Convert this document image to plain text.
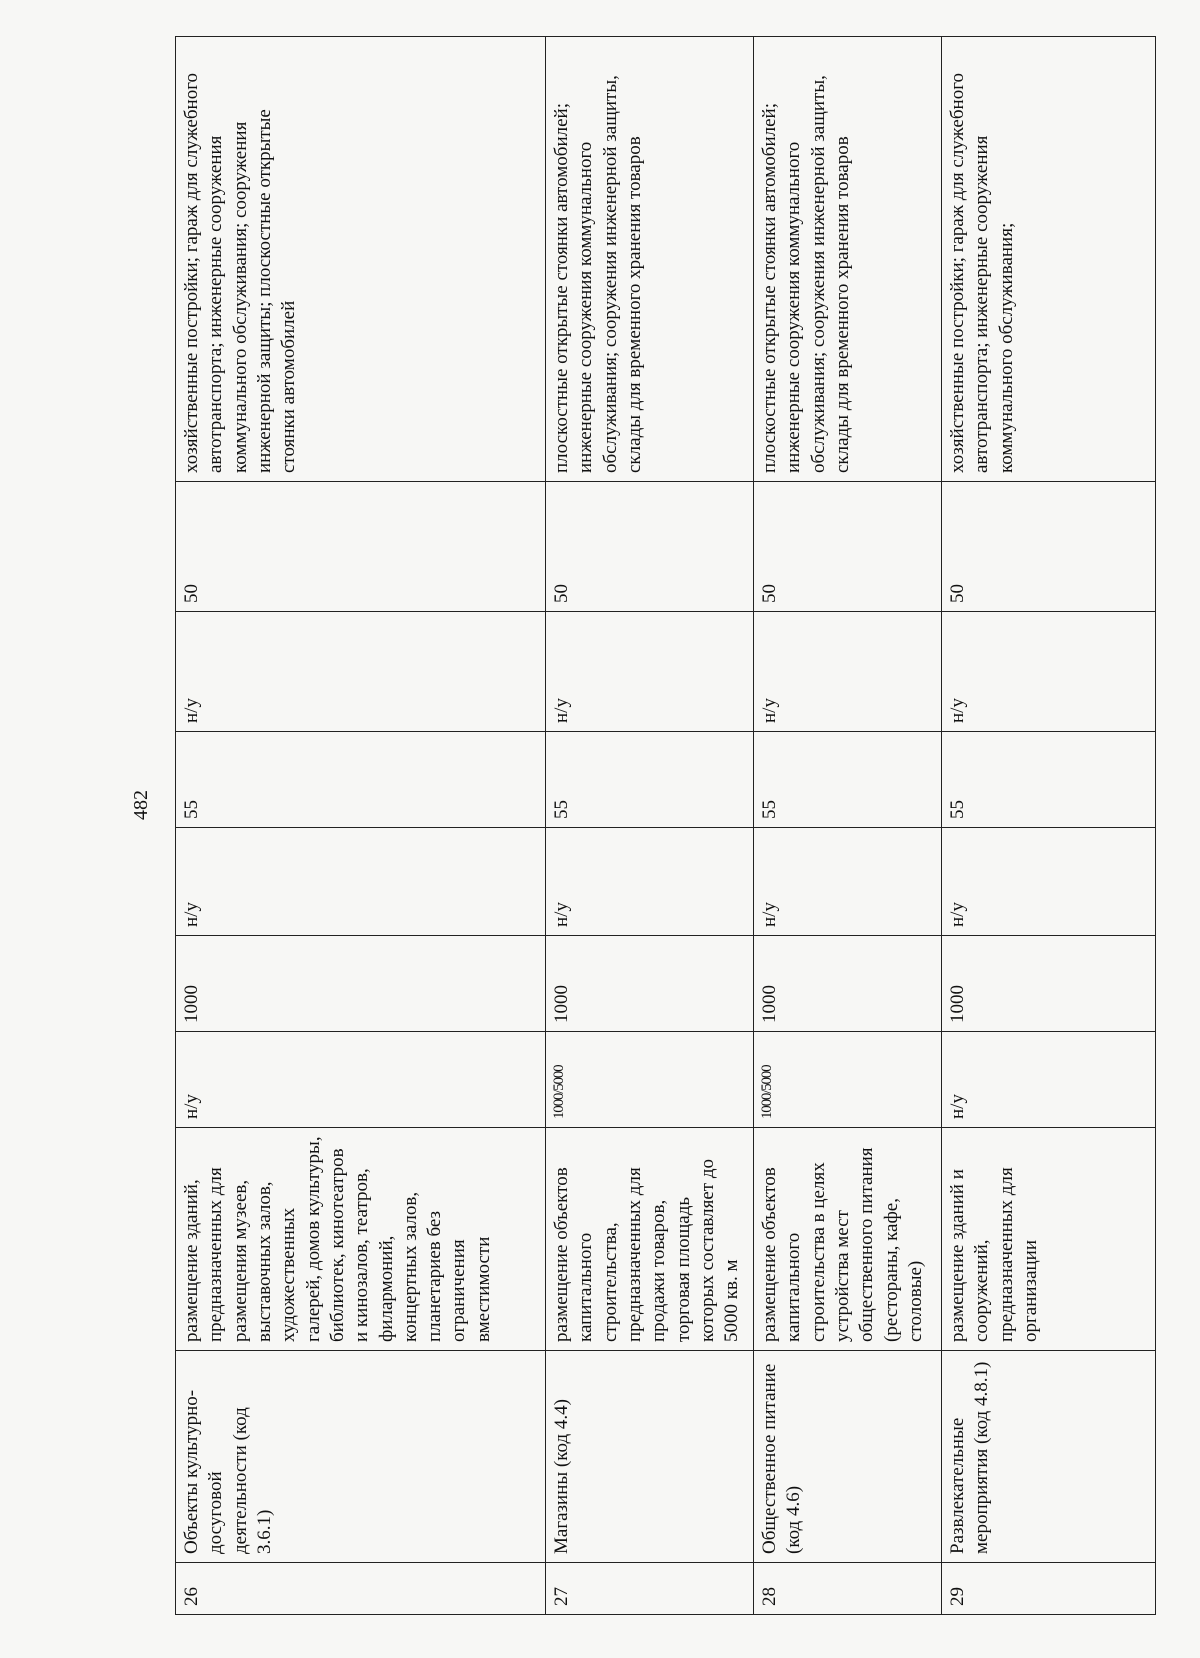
482
26	Объекты культурно-досуговой деятельности (код 3.6.1)	размещение зданий, предназначенных для размещения музеев, выставочных залов, художественных галерей, домов культуры, библиотек, кинотеатров и кинозалов, театров, филармоний, концертных залов, планетариев без ограничения вместимости	н/у	1000	н/у	55	н/у	50	хозяйственные постройки; гараж для служебного автотранспорта; инженерные сооружения коммунального обслуживания; сооружения инженерной защиты; плоскостные открытые стоянки автомобилей
27	Магазины (код 4.4)	размещение объектов капитального строительства, предназначенных для продажи товаров, торговая площадь которых составляет до 5000 кв. м	1000/5000	1000	н/у	55	н/у	50	плоскостные открытые стоянки автомобилей; инженерные сооружения коммунального обслуживания; сооружения инженерной защиты, склады для временного хранения товаров
28	Общественное питание (код 4.6)	размещение объектов капитального строительства в целях устройства мест общественного питания (рестораны, кафе, столовые)	1000/5000	1000	н/у	55	н/у	50	плоскостные открытые стоянки автомобилей; инженерные сооружения коммунального обслуживания; сооружения инженерной защиты, склады для временного хранения товаров
29	Развлекательные мероприятия (код 4.8.1)	размещение зданий и сооружений, предназначенных для организации	н/у	1000	н/у	55	н/у	50	хозяйственные постройки; гараж для служебного автотранспорта; инженерные сооружения коммунального обслуживания;
